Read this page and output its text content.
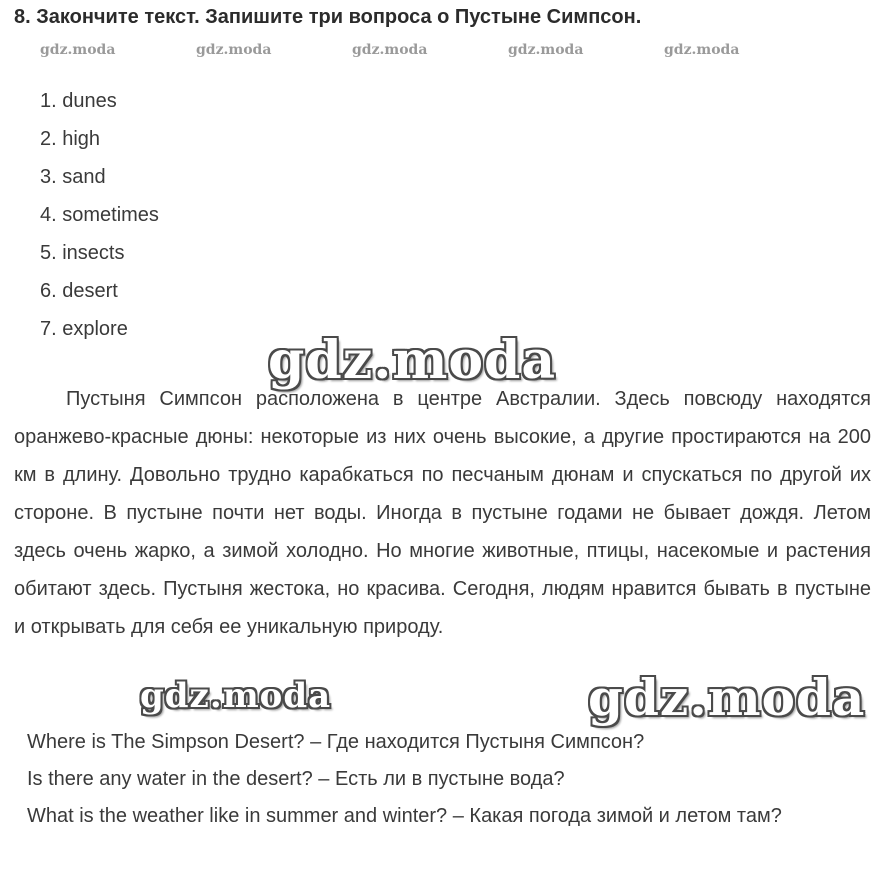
8. Закончите текст. Запишите три вопроса о Пустыне Симпсон.
gdz.moda	gdz.moda	gdz.moda	gdz.moda	gdz.moda
1. dunes
2. high
3. sand
4. sometimes
5. insects
6. desert
7. explore
gdz.moda

Пустыня Симпсон расположена в центре Австралии. Здесь повсюду находятся оранжево-красные дюны: некоторые из них очень высокие, а другие простираются на 200 км в длину. Довольно трудно карабкаться по песчаным дюнам и спускаться по другой их стороне. В пустыне почти нет воды. Иногда в пустыне годами не бывает дождя. Летом здесь очень жарко, а зимой холодно. Но многие животные, птицы, насекомые и растения обитают здесь. Пустыня жестока, но красива. Сегодня, людям нравится бывать в пустыне и открывать для себя ее уникальную природу.

gdz.moda	gdz.moda
Where is The Simpson Desert? – Где находится Пустыня Симпсон?
Is there any water in the desert? – Есть ли в пустыне вода?
What is the weather like in summer and winter? – Какая погода зимой и летом там?
